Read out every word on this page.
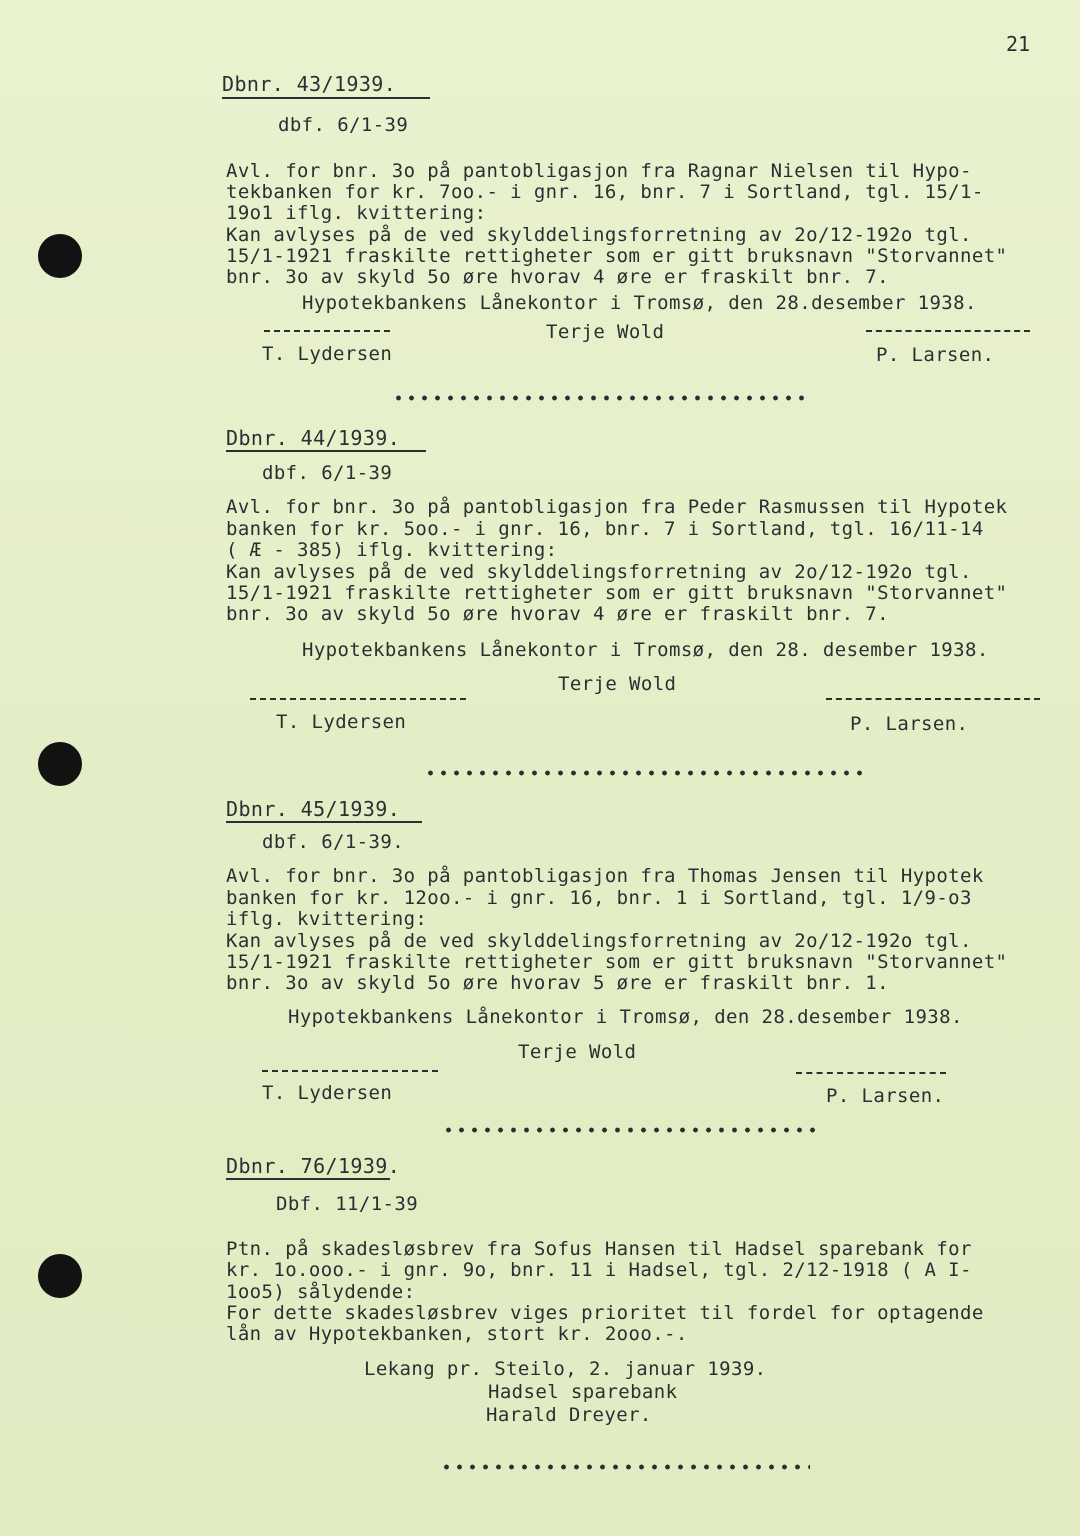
21
Dbnr. 43/1939.
dbf. 6/1-39
Avl. for bnr. 3o på pantobligasjon fra Ragnar Nielsen til Hypo-
tekbanken for kr. 7oo.- i gnr. 16, bnr. 7 i Sortland, tgl. 15/1-
19o1 iflg. kvittering:
Kan avlyses på de ved skylddelingsforretning av 2o/12-192o tgl.
15/1-1921 fraskilte rettigheter som er gitt bruksnavn "Storvannet"
bnr. 3o av skyld 5o øre hvorav 4 øre er fraskilt bnr. 7.
Hypotekbankens Lånekontor i Tromsø, den 28.desember 1938.
Terje Wold
T. Lydersen	P. Larsen.
Dbnr. 44/1939.
dbf. 6/1-39
Avl. for bnr. 3o på pantobligasjon fra Peder Rasmussen til Hypotek
banken for kr. 5oo.- i gnr. 16, bnr. 7 i Sortland, tgl. 16/11-14
( Æ - 385) iflg. kvittering:
Kan avlyses på de ved skylddelingsforretning av 2o/12-192o tgl.
15/1-1921 fraskilte rettigheter som er gitt bruksnavn "Storvannet"
bnr. 3o av skyld 5o øre hvorav 4 øre er fraskilt bnr. 7.
Hypotekbankens Lånekontor i Tromsø, den 28. desember 1938.
Terje Wold
T. Lydersen	P. Larsen.
Dbnr. 45/1939.
dbf. 6/1-39.
Avl. for bnr. 3o på pantobligasjon fra Thomas Jensen til Hypotek
banken for kr. 12oo.- i gnr. 16, bnr. 1 i Sortland, tgl. 1/9-o3
iflg. kvittering:
Kan avlyses på de ved skylddelingsforretning av 2o/12-192o tgl.
15/1-1921 fraskilte rettigheter som er gitt bruksnavn "Storvannet"
bnr. 3o av skyld 5o øre hvorav 5 øre er fraskilt bnr. 1.
Hypotekbankens Lånekontor i Tromsø, den 28.desember 1938.
Terje Wold
T. Lydersen	P. Larsen.
Dbnr. 76/1939.
Dbf. 11/1-39
Ptn. på skadesløsbrev fra Sofus Hansen til Hadsel sparebank for
kr. 1o.ooo.- i gnr. 9o, bnr. 11 i Hadsel, tgl. 2/12-1918 ( A I-
1oo5) sålydende:
For dette skadesløsbrev viges prioritet til fordel for optagende
lån av Hypotekbanken, stort kr. 2ooo.-.
Lekang pr. Steilo, 2. januar 1939.
Hadsel sparebank
Harald Dreyer.
